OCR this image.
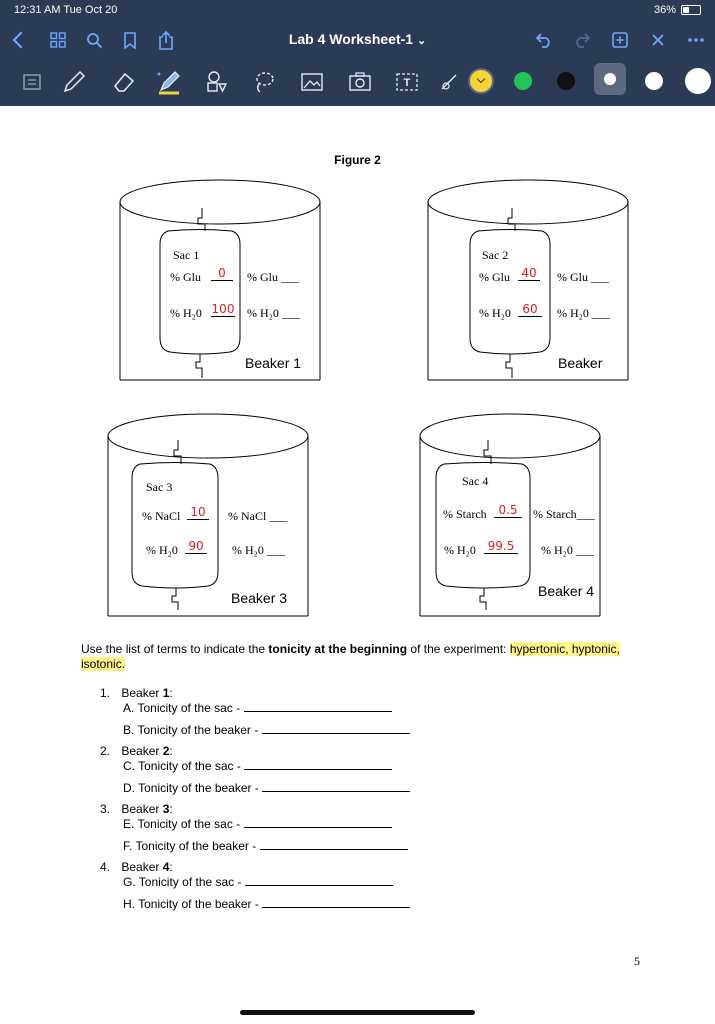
12:31 AM Tue Oct 20	36%
Lab 4 Worksheet-1 ⌄
T
Figure 2
Sac 1
% Glu	0
% H₂0 100
% Glu ___
% H₂0 ___
Beaker 1
Sac 2
% Glu 40
% H₂0 60
% Glu ___
% H₂0 ___
Beaker
Sac 3
% NaCl 10
% H₂0 90
% NaCl ___
% H₂0 ___
Beaker 3
Sac 4
% Starch 0.5
% H₂0 99.5
% Starch___
% H₂0 ___
Beaker 4
Use the list of terms to indicate the tonicity at the beginning of the experiment: hypertonic, hyptonic, isotonic.
1. Beaker 1:
A. Tonicity of the sac -
B. Tonicity of the beaker -
2. Beaker 2:
C. Tonicity of the sac -
D. Tonicity of the beaker -
3. Beaker 3:
E. Tonicity of the sac -
F. Tonicity of the beaker -
4. Beaker 4:
G. Tonicity of the sac -
H. Tonicity of the beaker -
5
